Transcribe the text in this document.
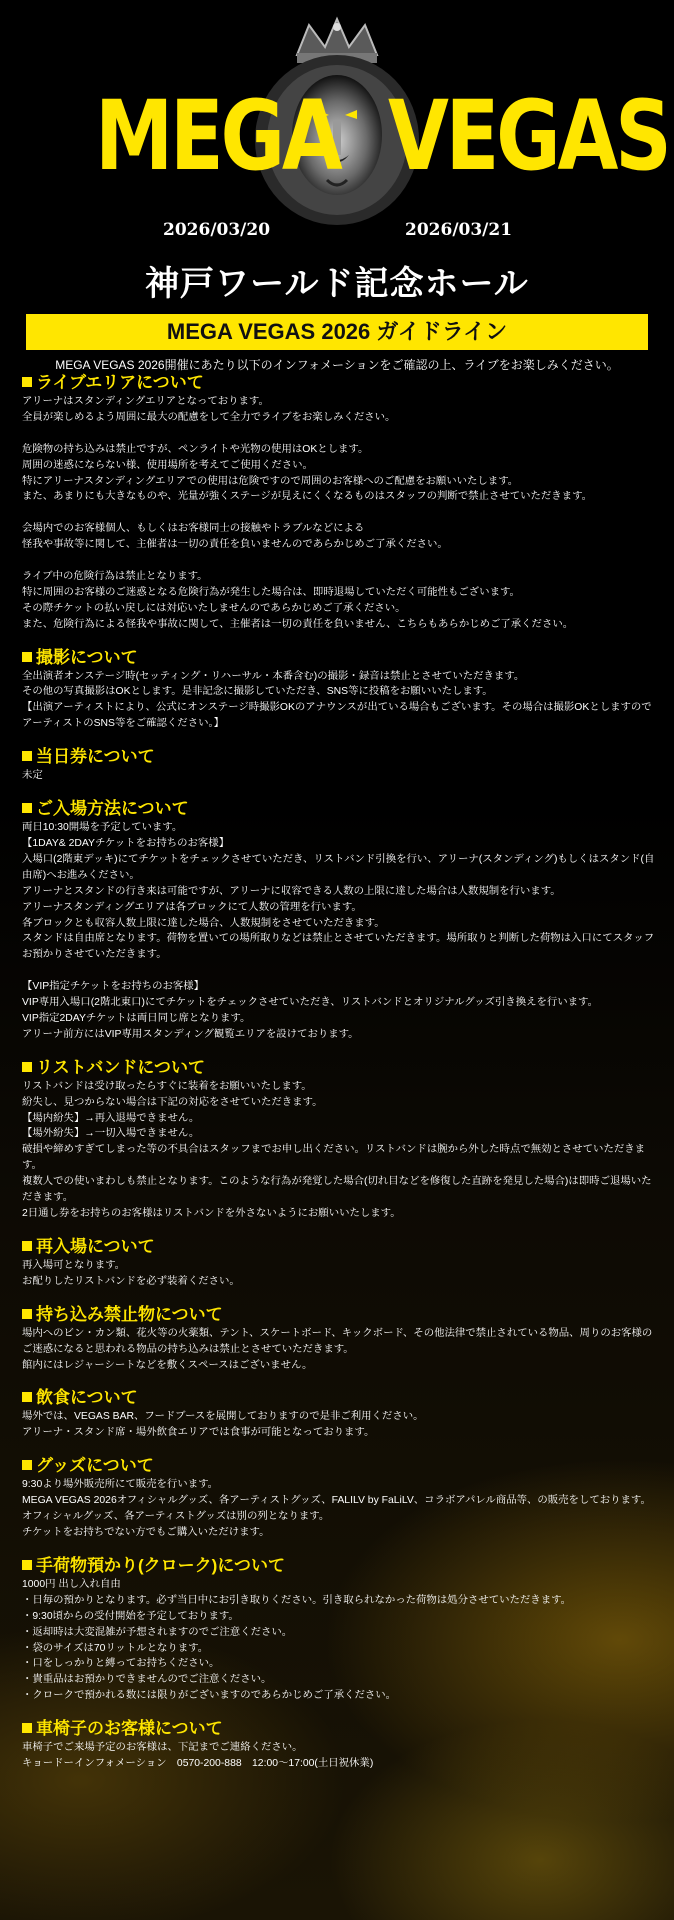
MEGA VEGAS
2026/03/20	2026/03/21
神戸ワールド記念ホール
MEGA VEGAS 2026 ガイドライン
MEGA VEGAS 2026開催にあたり以下のインフォメーションをご確認の上、ライブをお楽しみください。
ライブエリアについて
アリーナはスタンディングエリアとなっております。
全員が楽しめるよう周囲に最大の配慮をして全力でライブをお楽しみください。
危険物の持ち込みは禁止ですが、ペンライトや光物の使用はOKとします。
周囲の迷惑にならない様、使用場所を考えてご使用ください。
特にアリーナスタンディングエリアでの使用は危険ですので周囲のお客様へのご配慮をお願いいたします。
また、あまりにも大きなものや、光量が強くステージが見えにくくなるものはスタッフの判断で禁止させていただきます。
会場内でのお客様個人、もしくはお客様同士の接触やトラブルなどによる
怪我や事故等に関して、主催者は一切の責任を負いませんのであらかじめご了承ください。
ライブ中の危険行為は禁止となります。
特に周囲のお客様のご迷惑となる危険行為が発生した場合は、即時退場していただく可能性もございます。
その際チケットの払い戻しには対応いたしませんのであらかじめご了承ください。
また、危険行為による怪我や事故に関して、主催者は一切の責任を負いません、こちらもあらかじめご了承ください。
撮影について
全出演者オンステージ時(セッティング・リハーサル・本番含む)の撮影・録音は禁止とさせていただきます。
その他の写真撮影はOKとします。是非記念に撮影していただき、SNS等に投稿をお願いいたします。
【出演アーティストにより、公式にオンステージ時撮影OKのアナウンスが出ている場合もございます。その場合は撮影OKとしますのでアーティストのSNS等をご確認ください。】
当日券について
未定
ご入場方法について
両日10:30開場を予定しています。
【1DAY& 2DAYチケットをお持ちのお客様】
入場口(2階東デッキ)にてチケットをチェックさせていただき、リストバンド引換を行い、アリーナ(スタンディング)もしくはスタンド(自由席)へお進みください。
アリーナとスタンドの行き来は可能ですが、アリーナに収容できる人数の上限に達した場合は人数規制を行います。
アリーナスタンディングエリアは各ブロックにて人数の管理を行います。
各ブロックとも収容人数上限に達した場合、人数規制をさせていただきます。
スタンドは自由席となります。荷物を置いての場所取りなどは禁止とさせていただきます。場所取りと判断した荷物は入口にてスタッフお預かりさせていただきます。
【VIP指定チケットをお持ちのお客様】
VIP専用入場口(2階北東口)にてチケットをチェックさせていただき、リストバンドとオリジナルグッズ引き換えを行います。
VIP指定2DAYチケットは両日同じ席となります。
アリーナ前方にはVIP専用スタンディング観覧エリアを設けております。
リストバンドについて
リストバンドは受け取ったらすぐに装着をお願いいたします。
紛失し、見つからない場合は下記の対応をさせていただきます。
【場内紛失】→再入退場できません。
【場外紛失】→一切入場できません。
破損や締めすぎてしまった等の不具合はスタッフまでお申し出ください。リストバンドは腕から外した時点で無効とさせていただきます。
複数人での使いまわしも禁止となります。このような行為が発覚した場合(切れ目などを修復した直跡を発見した場合)は即時ご退場いただきます。
2日通し券をお持ちのお客様はリストバンドを外さないようにお願いいたします。
再入場について
再入場可となります。
お配りしたリストバンドを必ず装着ください。
持ち込み禁止物について
場内へのビン・カン類、花火等の火薬類、テント、スケートボード、キックボード、その他法律で禁止されている物品、周りのお客様のご迷惑になると思われる物品の持ち込みは禁止とさせていただきます。
館内にはレジャーシートなどを敷くスペースはございません。
飲食について
場外では、VEGAS BAR、フードブースを展開しておりますので是非ご利用ください。
アリーナ・スタンド席・場外飲食エリアでは食事が可能となっております。
グッズについて
9:30より場外販売所にて販売を行います。
MEGA VEGAS 2026オフィシャルグッズ、各アーティストグッズ、FALILV by FaLiLV、コラボアパレル商品等、の販売をしております。
オフィシャルグッズ、各アーティストグッズは別の列となります。
チケットをお持ちでない方でもご購入いただけます。
手荷物預かり(クローク)について
1000円 出し入れ自由
・日毎の預かりとなります。必ず当日中にお引き取りください。引き取られなかった荷物は処分させていただきます。
・9:30頃からの受付開始を予定しております。
・返却時は大変混雑が予想されますのでご注意ください。
・袋のサイズは70リットルとなります。
・口をしっかりと縛ってお持ちください。
・貴重品はお預かりできませんのでご注意ください。
・クロークで預かれる数には限りがございますのであらかじめご了承ください。
車椅子のお客様について
車椅子でご来場予定のお客様は、下記までご連絡ください。
キョードーインフォメーション　0570-200-888　12:00～17:00(土日祝休業)
